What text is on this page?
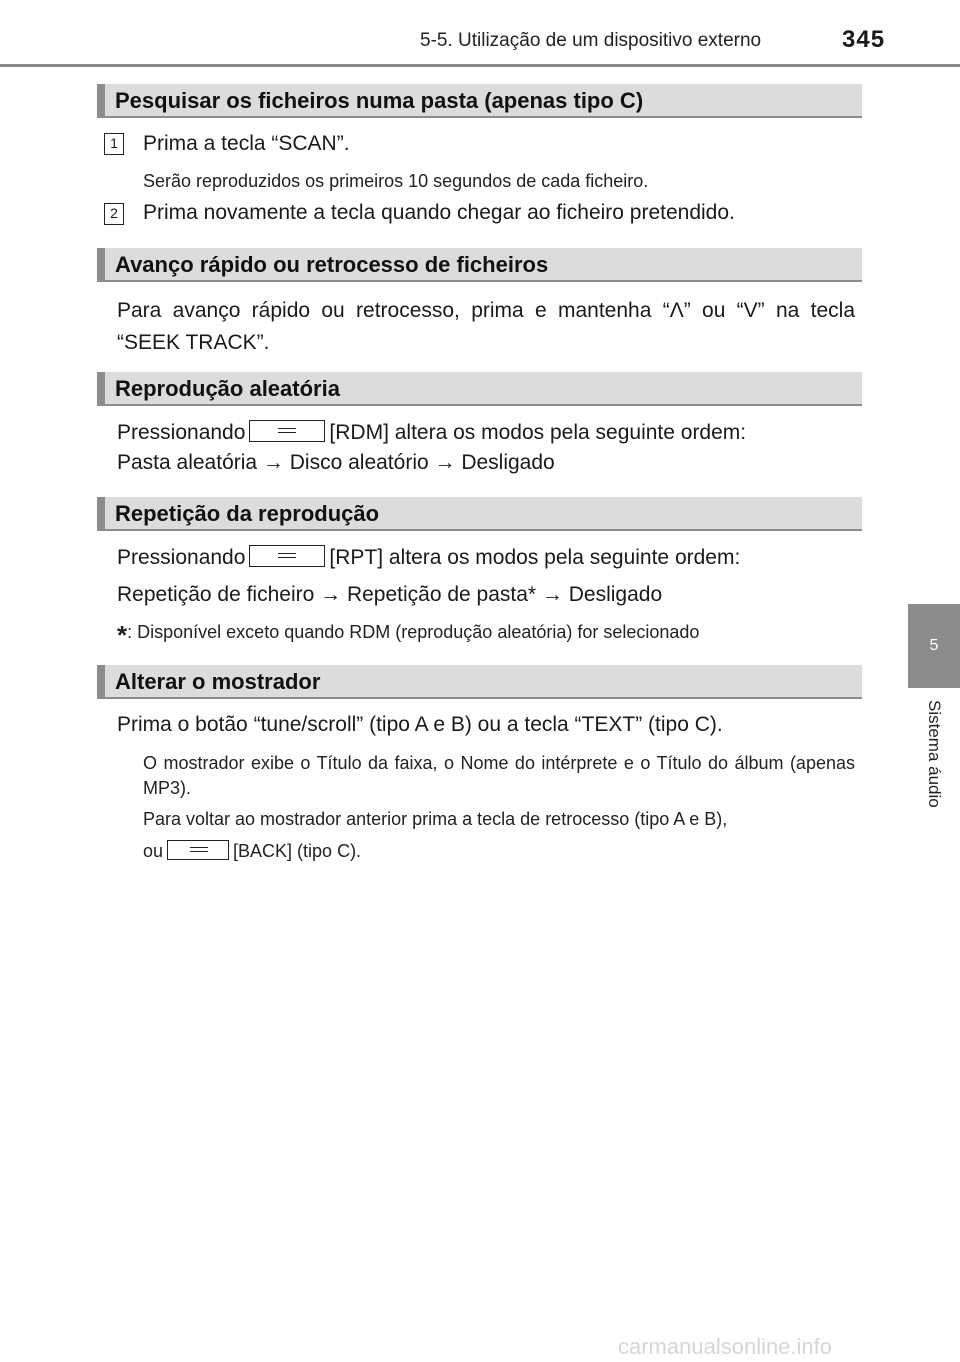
5-5. Utilização de um dispositivo externo	345
5
Sistema áudio
Pesquisar os ficheiros numa pasta (apenas tipo C)
1 Prima a tecla “SCAN”.
Serão reproduzidos os primeiros 10 segundos de cada ficheiro.
2 Prima novamente a tecla quando chegar ao ficheiro pretendido.
Avanço rápido ou retrocesso de ficheiros
Para avanço rápido ou retrocesso, prima e mantenha “Λ” ou “V” na tecla “SEEK TRACK”.
Reprodução aleatória
Pressionando	[RDM] altera os modos pela seguinte ordem:
Pasta aleatória → Disco aleatório → Desligado
Repetição da reprodução
Pressionando	[RPT] altera os modos pela seguinte ordem:
Repetição de ficheiro → Repetição de pasta* → Desligado
*: Disponível exceto quando RDM (reprodução aleatória) for selecionado
Alterar o mostrador
Prima o botão “tune/scroll” (tipo A e B) ou a tecla “TEXT” (tipo C).
O mostrador exibe o Título da faixa, o Nome do intérprete e o Título do álbum (apenas MP3).
Para voltar ao mostrador anterior prima a tecla de retrocesso (tipo A e B),
ou	[BACK] (tipo C).
carmanualsonline.info
